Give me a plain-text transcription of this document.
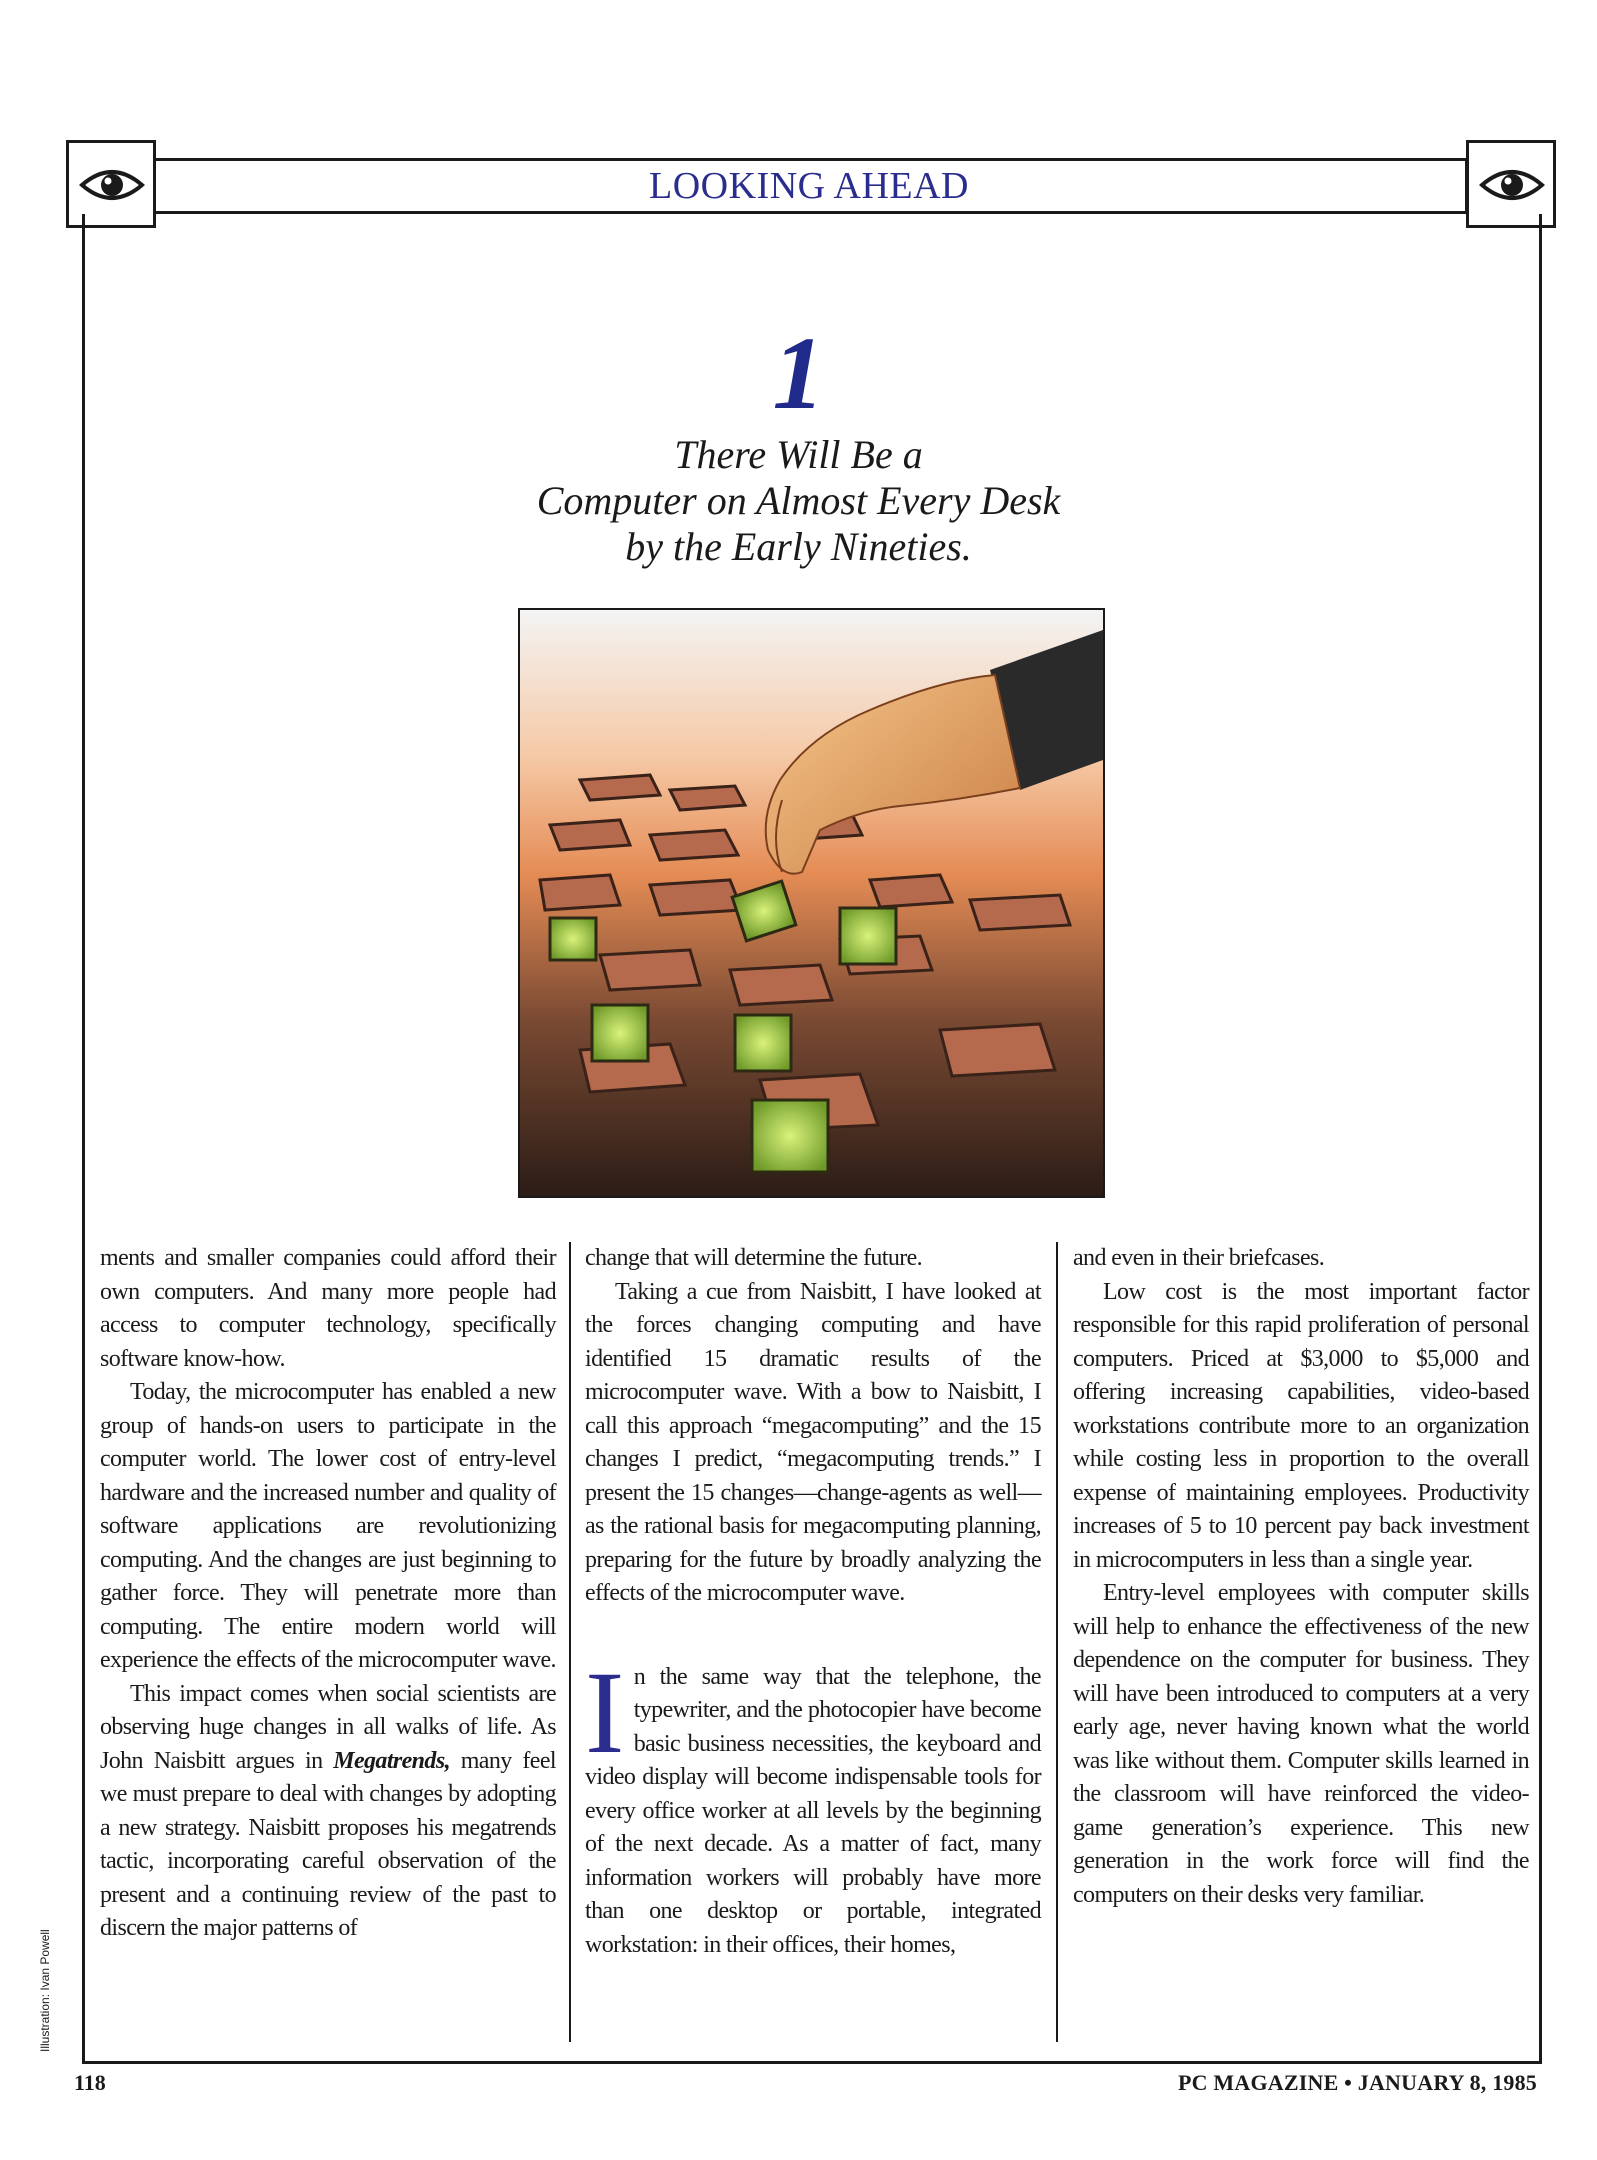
LOOKING AHEAD
1
There Will Be a
Computer on Almost Every Desk
by the Early Nineties.

ments and smaller companies could afford their own computers. And many more people had access to computer technology, specifically software know-how.

Today, the microcomputer has enabled a new group of hands-on users to participate in the computer world. The lower cost of entry-level hardware and the increased number and quality of software applications are revolutionizing computing. And the changes are just beginning to gather force. They will penetrate more than computing. The entire modern world will experience the effects of the microcomputer wave.

This impact comes when social scientists are observing huge changes in all walks of life. As John Naisbitt argues in Megatrends, many feel we must prepare to deal with changes by adopting a new strategy. Naisbitt proposes his megatrends tactic, incorporating careful observation of the present and a continuing review of the past to discern the major patterns of

change that will determine the future.

Taking a cue from Naisbitt, I have looked at the forces changing computing and have identified 15 dramatic results of the microcomputer wave. With a bow to Naisbitt, I call this approach “megacomputing” and the 15 changes I predict, “megacomputing trends.” I present the 15 changes—change-agents as well—as the rational basis for megacomputing planning, preparing for the future by broadly analyzing the effects of the microcomputer wave.

In the same way that the telephone, the typewriter, and the photocopier have become basic business necessities, the keyboard and video display will become indispensable tools for every office worker at all levels by the beginning of the next decade. As a matter of fact, many information workers will probably have more than one desktop or portable, integrated workstation: in their offices, their homes,

and even in their briefcases.

Low cost is the most important factor responsible for this rapid proliferation of personal computers. Priced at $3,000 to $5,000 and offering increasing capabilities, video-based workstations contribute more to an organization while costing less in proportion to the overall expense of maintaining employees. Productivity increases of 5 to 10 percent pay back investment in microcomputers in less than a single year.

Entry-level employees with computer skills will help to enhance the effectiveness of the new dependence on the computer for business. They will have been introduced to computers at a very early age, never having known what the world was like without them. Computer skills learned in the classroom will have reinforced the video-game generation’s experience. This new generation in the work force will find the computers on their desks very familiar.

Illustration: Ivan Powell
118	PC MAGAZINE • JANUARY 8, 1985
